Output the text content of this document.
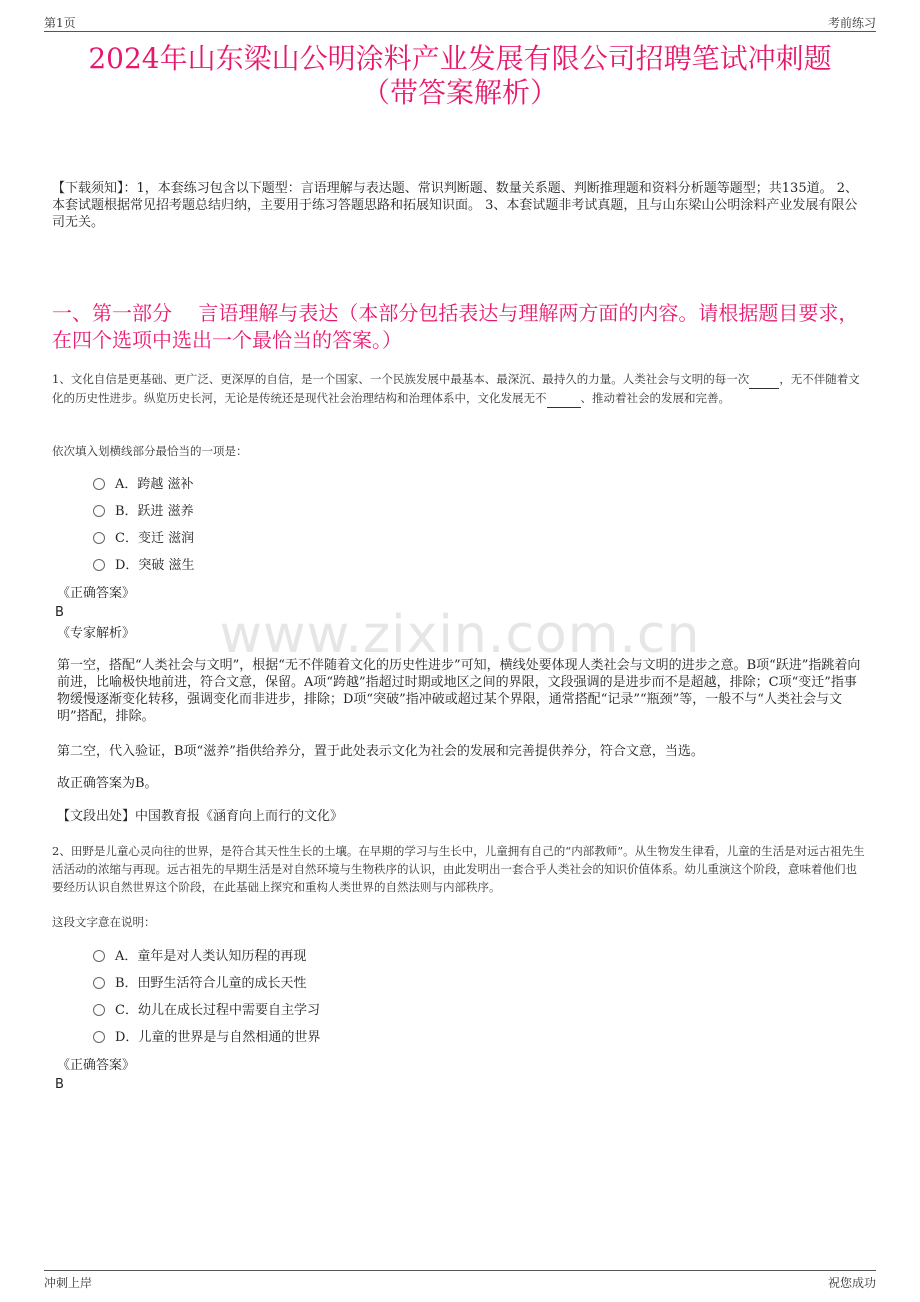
第1页	考前练习
2024年山东梁山公明涂料产业发展有限公司招聘笔试冲刺题
（带答案解析）
【下载须知】：1，本套练习包含以下题型：言语理解与表达题、常识判断题、数量关系题、判断推理题和资料分析题等题型；共135道。 2、本套试题根据常见招考题总结归纳，主要用于练习答题思路和拓展知识面。 3、本套试题非考试真题，且与山东梁山公明涂料产业发展有限公司无关。
一、第一部分　 言语理解与表达（本部分包括表达与理解两方面的内容。请根据题目要求，在四个选项中选出一个最恰当的答案。）
1、文化自信是更基础、更广泛、更深厚的自信，是一个国家、一个民族发展中最基本、最深沉、最持久的力量。人类社会与文明的每一次	，无不伴随着文化的历史性进步。纵览历史长河，无论是传统还是现代社会治理结构和治理体系中，文化发展无不	、推动着社会的发展和完善。
依次填入划横线部分最恰当的一项是：
A．跨越 滋补
B．跃进 滋养
C．变迁 滋润
D．突破 滋生
《正确答案》
B
《专家解析》	www.zixin.com.cn
第一空，搭配“人类社会与文明”，根据“无不伴随着文化的历史性进步”可知，横线处要体现人类社会与文明的进步之意。B项“跃进”指跳着向前进，比喻极快地前进，符合文意，保留。A项“跨越”指超过时期或地区之间的界限，文段强调的是进步而不是超越，排除；C项“变迁”指事物缓慢逐渐变化转移，强调变化而非进步，排除；D项“突破”指冲破或超过某个界限，通常搭配“记录”“瓶颈”等，一般不与“人类社会与文明”搭配，排除。
第二空，代入验证，B项“滋养”指供给养分，置于此处表示文化为社会的发展和完善提供养分，符合文意，当选。
故正确答案为B。
【文段出处】中国教育报《涵育向上而行的文化》
2、田野是儿童心灵向往的世界，是符合其天性生长的土壤。在早期的学习与生长中，儿童拥有自己的“内部教师”。从生物发生律看，儿童的生活是对远古祖先生活活动的浓缩与再现。远古祖先的早期生活是对自然环境与生物秩序的认识，由此发明出一套合乎人类社会的知识价值体系。幼儿重演这个阶段，意味着他们也要经历认识自然世界这个阶段，在此基础上探究和重构人类世界的自然法则与内部秩序。
这段文字意在说明：
A．童年是对人类认知历程的再现
B．田野生活符合儿童的成长天性
C．幼儿在成长过程中需要自主学习
D．儿童的世界是与自然相通的世界
《正确答案》
B
冲刺上岸	祝您成功
